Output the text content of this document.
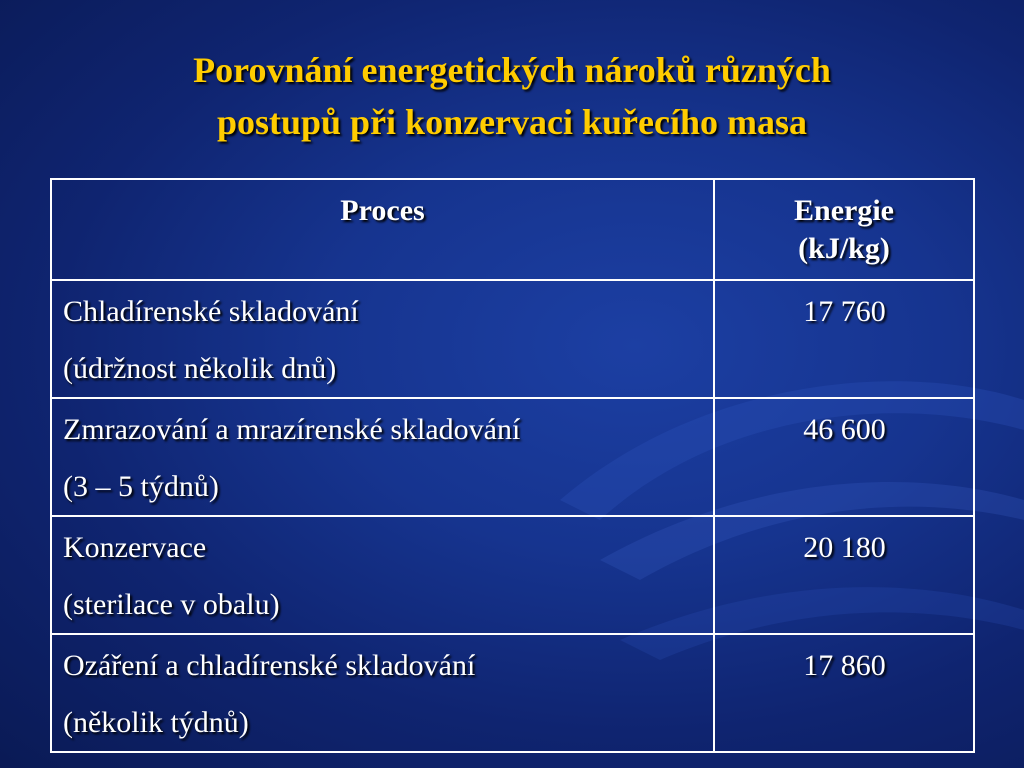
Porovnání energetických nároků různých
postupů při konzervaci kuřecího masa
Proces	Energie
(kJ/kg)

Chladírenské skladování
(údržnost několik dnů)	17 760

Zmrazování a mrazírenské skladování
(3 – 5 týdnů)	46 600

Konzervace
(sterilace v obalu)	20 180

Ozáření a chladírenské skladování
(několik týdnů)	17 860
